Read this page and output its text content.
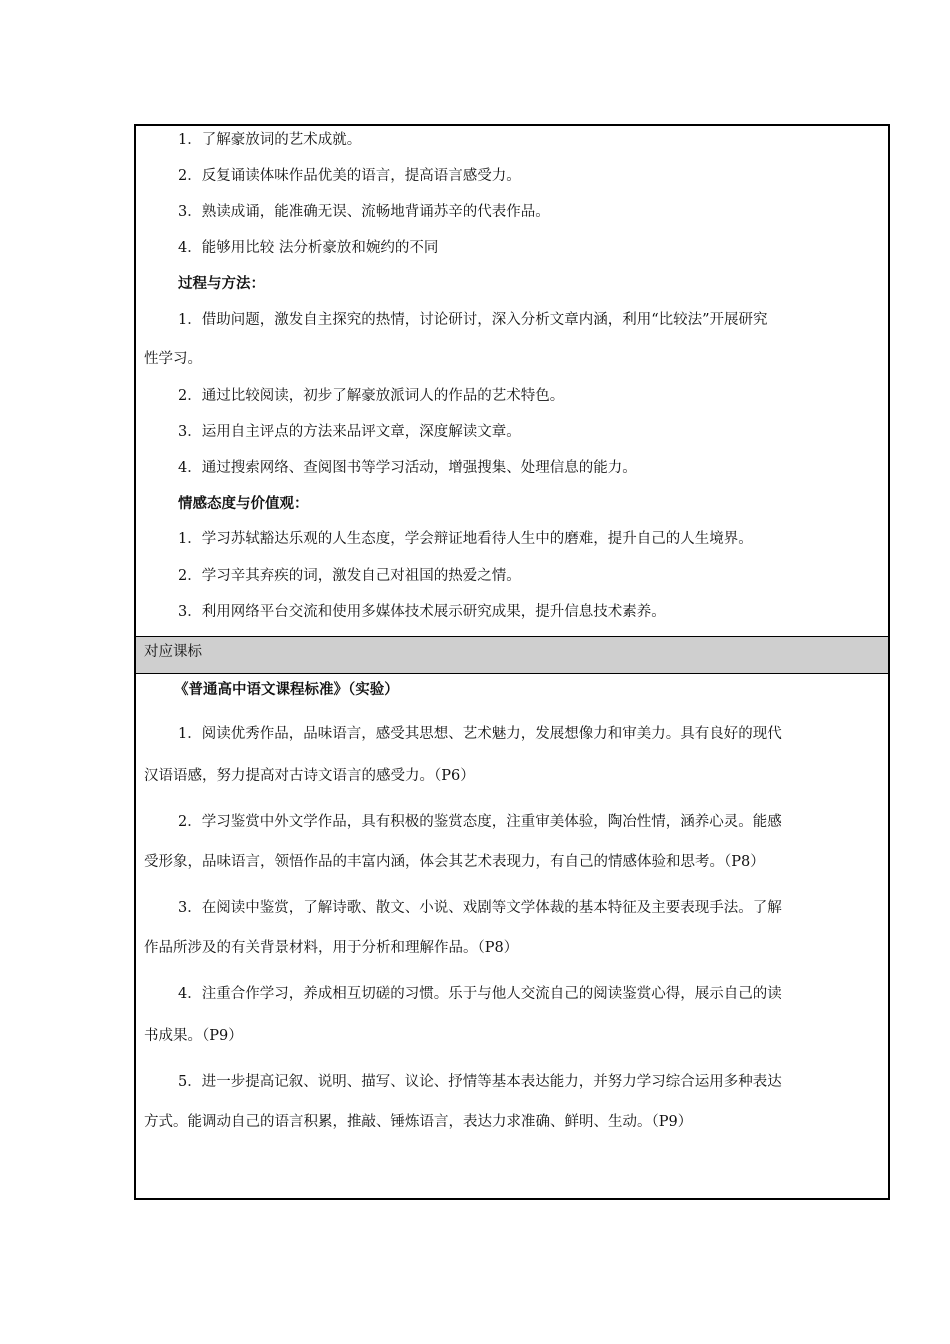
1．了解豪放词的艺术成就。
2．反复诵读体味作品优美的语言，提高语言感受力。
3．熟读成诵，能准确无误、流畅地背诵苏辛的代表作品。
4．能够用比较 法分析豪放和婉约的不同
过程与方法：
1．借助问题，激发自主探究的热情，讨论研讨，深入分析文章内涵，利用“比较法”开展研究
性学习。
2．通过比较阅读，初步了解豪放派词人的作品的艺术特色。
3．运用自主评点的方法来品评文章，深度解读文章。
4．通过搜索网络、查阅图书等学习活动，增强搜集、处理信息的能力。
情感态度与价值观：
1．学习苏轼豁达乐观的人生态度，学会辩证地看待人生中的磨难，提升自己的人生境界。
2．学习辛其弃疾的词，激发自己对祖国的热爱之情。
3．利用网络平台交流和使用多媒体技术展示研究成果，提升信息技术素养。
对应课标
《普通高中语文课程标准》（实验）
1．阅读优秀作品，品味语言，感受其思想、艺术魅力，发展想像力和审美力。具有良好的现代
汉语语感，努力提高对古诗文语言的感受力。（P6）
2．学习鉴赏中外文学作品，具有积极的鉴赏态度，注重审美体验，陶冶性情，涵养心灵。能感
受形象，品味语言，领悟作品的丰富内涵，体会其艺术表现力，有自己的情感体验和思考。（P8）
3．在阅读中鉴赏，了解诗歌、散文、小说、戏剧等文学体裁的基本特征及主要表现手法。了解
作品所涉及的有关背景材料，用于分析和理解作品。（P8）
4．注重合作学习，养成相互切磋的习惯。乐于与他人交流自己的阅读鉴赏心得，展示自己的读
书成果。（P9）
5．进一步提高记叙、说明、描写、议论、抒情等基本表达能力，并努力学习综合运用多种表达
方式。能调动自己的语言积累，推敲、锤炼语言，表达力求准确、鲜明、生动。（P9）
